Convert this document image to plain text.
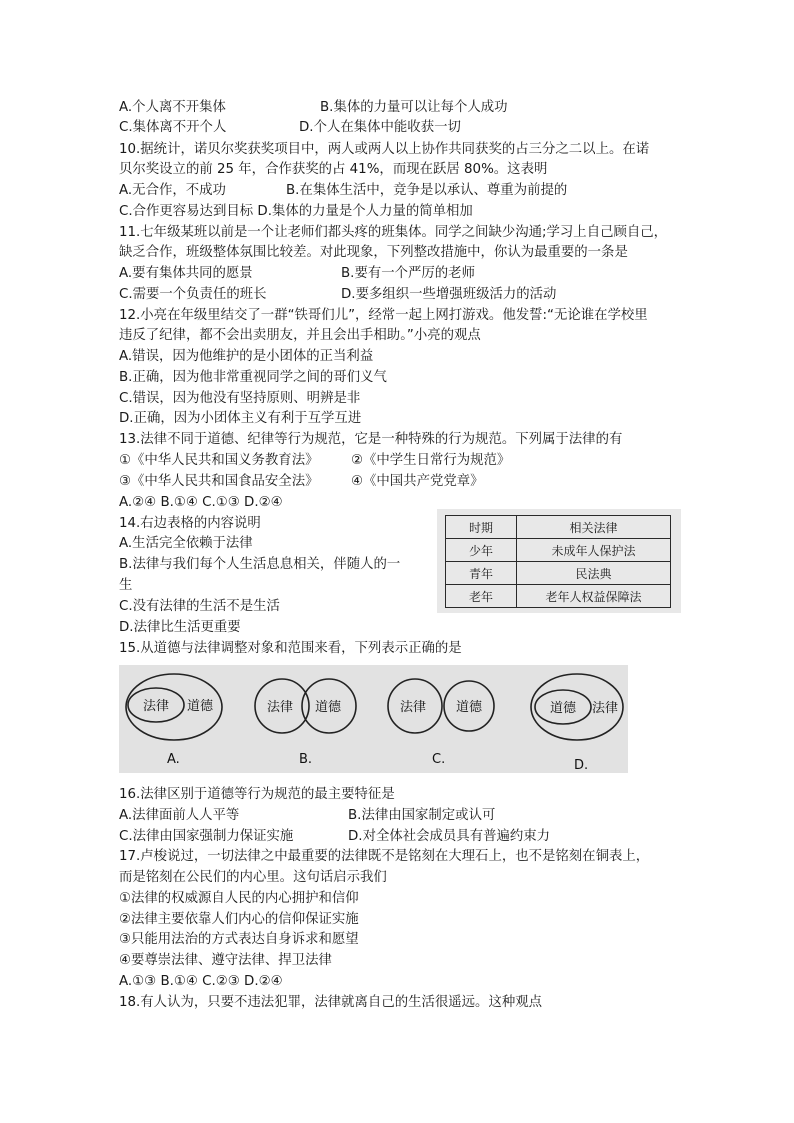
A.个人离不开集体	B.集体的力量可以让每个人成功
C.集体离不开个人	D.个人在集体中能收获一切
10.据统计，诺贝尔奖获奖项目中，两人或两人以上协作共同获奖的占三分之二以上。在诺
贝尔奖设立的前 25 年，合作获奖的占 41%，而现在跃居 80%。这表明
A.无合作，不成功	B.在集体生活中，竞争是以承认、尊重为前提的
C.合作更容易达到目标 D.集体的力量是个人力量的简单相加
11.七年级某班以前是一个让老师们都头疼的班集体。同学之间缺少沟通;学习上自己顾自己，
缺乏合作，班级整体氛围比较差。对此现象，下列整改措施中，你认为最重要的一条是
A.要有集体共同的愿景	B.要有一个严厉的老师
C.需要一个负责任的班长	D.要多组织一些增强班级活力的活动
12.小亮在年级里结交了一群“铁哥们儿”，经常一起上网打游戏。他发誓:“无论谁在学校里
违反了纪律，都不会出卖朋友，并且会出手相助。”小亮的观点
A.错误，因为他维护的是小团体的正当利益
B.正确，因为他非常重视同学之间的哥们义气
C.错误，因为他没有坚持原则、明辨是非
D.正确，因为小团体主义有利于互学互进
13.法律不同于道德、纪律等行为规范，它是一种特殊的行为规范。下列属于法律的有
①《中华人民共和国义务教育法》 ②《中学生日常行为规范》
③《中华人民共和国食品安全法》 ④《中国共产党党章》
A.②④ B.①④ C.①③ D.②④
14.右边表格的内容说明
A.生活完全依赖于法律
B.法律与我们每个人生活息息相关，伴随人的一
生
C.没有法律的生活不是生活
D.法律比生活更重要
时期	相关法律
少年	未成年人保护法
青年	民法典
老年	老年人权益保障法
15.从道德与法律调整对象和范围来看，下列表示正确的是
法律 道德
A.
法律 道德
B.
法律 道德
C.
道德 法律
D.
16.法律区别于道德等行为规范的最主要特征是
A.法律面前人人平等	B.法律由国家制定或认可
C.法律由国家强制力保证实施	D.对全体社会成员具有普遍约束力
17.卢梭说过，一切法律之中最重要的法律既不是铭刻在大理石上，也不是铭刻在铜表上，
而是铭刻在公民们的内心里。这句话启示我们
①法律的权威源自人民的内心拥护和信仰
②法律主要依靠人们内心的信仰保证实施
③只能用法治的方式表达自身诉求和愿望
④要尊崇法律、遵守法律、捍卫法律
A.①③ B.①④ C.②③ D.②④
18.有人认为，只要不违法犯罪，法律就离自己的生活很遥远。这种观点
